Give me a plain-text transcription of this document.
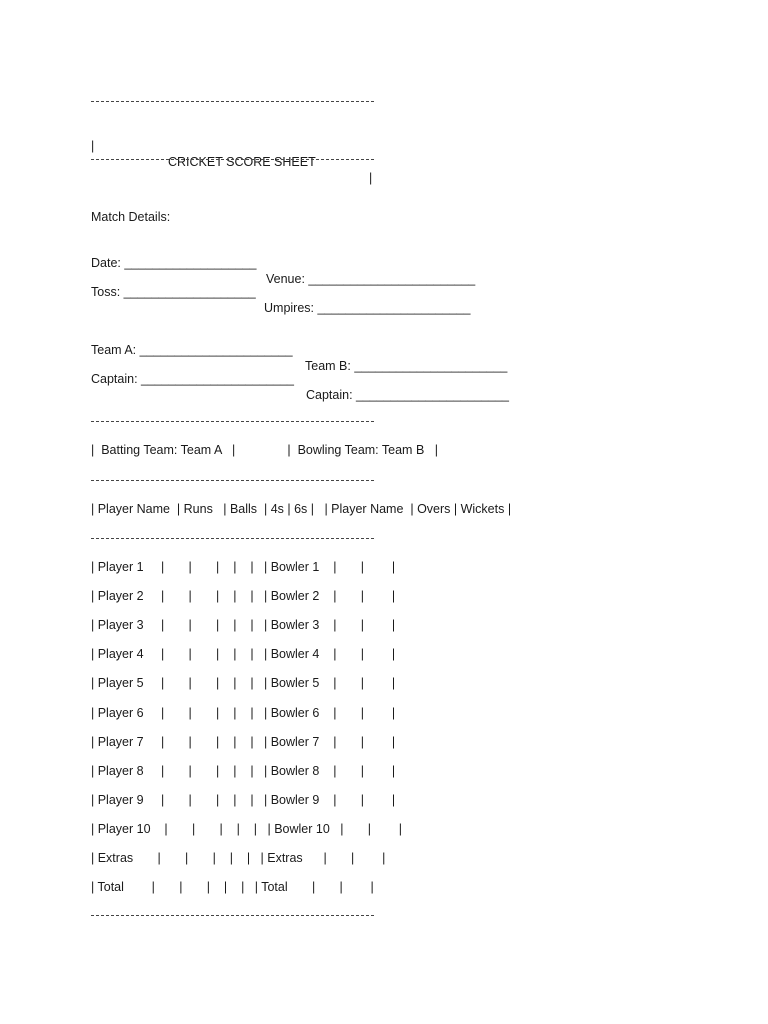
|

CRICKET SCORE SHEET

|

Match Details:

Date: ___________________

Venue: ________________________

Toss: ___________________

Umpires: ______________________

Team A: ______________________

Team B: ______________________

Captain: ______________________

Captain: ______________________

|  Batting Team: Team A   |               |  Bowling Team: Team B   |
| Player Name  | Runs   | Balls  | 4s | 6s |   | Player Name  | Overs | Wickets |
| Player 1     |       |       |    |    |   | Bowler 1    |       |        |
| Player 2     |       |       |    |    |   | Bowler 2    |       |        |
| Player 3     |       |       |    |    |   | Bowler 3    |       |        |
| Player 4     |       |       |    |    |   | Bowler 4    |       |        |
| Player 5     |       |       |    |    |   | Bowler 5    |       |        |
| Player 6     |       |       |    |    |   | Bowler 6    |       |        |
| Player 7     |       |       |    |    |   | Bowler 7    |       |        |
| Player 8     |       |       |    |    |   | Bowler 8    |       |        |
| Player 9     |       |       |    |    |   | Bowler 9    |       |        |
| Player 10    |       |       |    |    |   | Bowler 10   |       |        |
| Extras       |       |       |    |    |   | Extras      |       |        |
| Total        |       |       |    |    |   | Total       |       |        |
